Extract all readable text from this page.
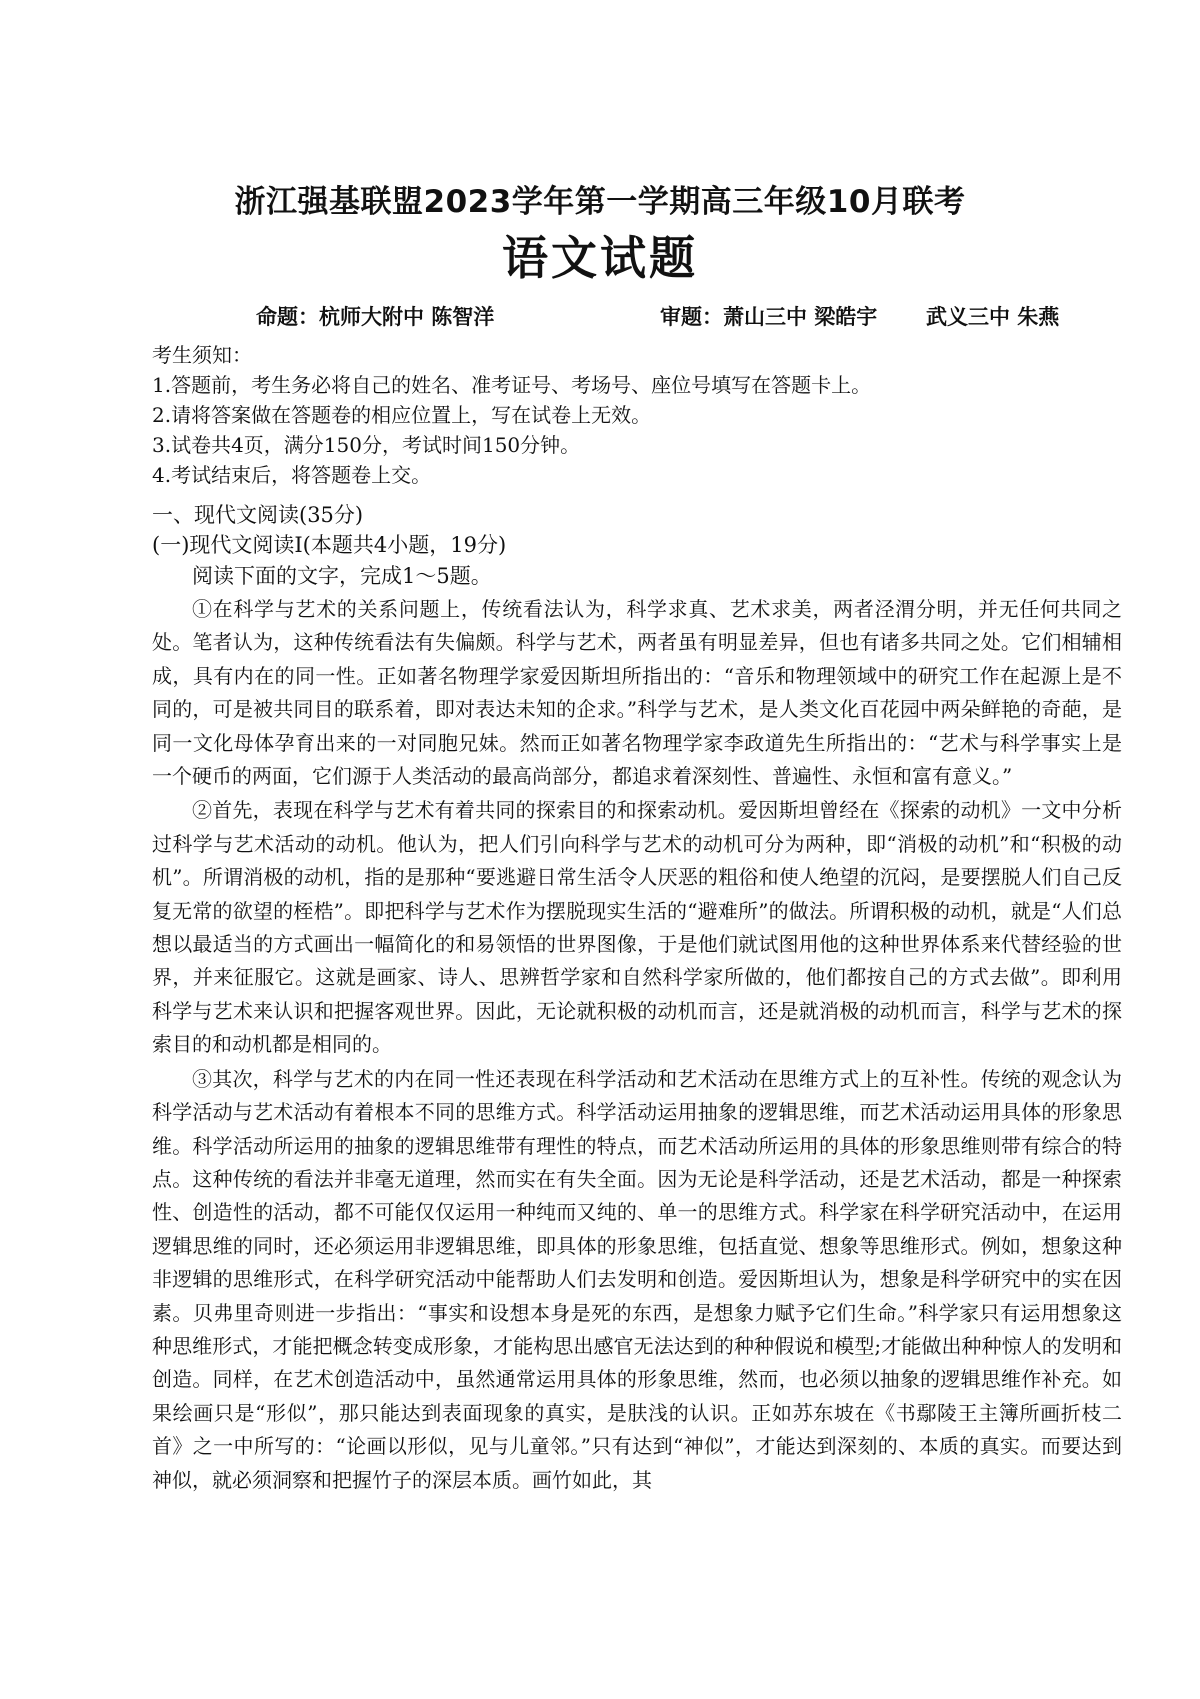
浙江强基联盟2023学年第一学期高三年级10月联考
语文试题
命题：杭师大附中 陈智洋	审题：萧山三中 梁皓宇 武义三中 朱燕
考生须知：
1.答题前，考生务必将自己的姓名、准考证号、考场号、座位号填写在答题卡上。
2.请将答案做在答题卷的相应位置上，写在试卷上无效。
3.试卷共4页，满分150分，考试时间150分钟。
4.考试结束后，将答题卷上交。
一、现代文阅读(35分)
(一)现代文阅读Ⅰ(本题共4小题，19分)
阅读下面的文字，完成1～5题。

①在科学与艺术的关系问题上，传统看法认为，科学求真、艺术求美，两者泾渭分明，并无任何共同之处。笔者认为，这种传统看法有失偏颇。科学与艺术，两者虽有明显差异，但也有诸多共同之处。它们相辅相成，具有内在的同一性。正如著名物理学家爱因斯坦所指出的：“音乐和物理领域中的研究工作在起源上是不同的，可是被共同目的联系着，即对表达未知的企求。”科学与艺术，是人类文化百花园中两朵鲜艳的奇葩，是同一文化母体孕育出来的一对同胞兄妹。然而正如著名物理学家李政道先生所指出的：“艺术与科学事实上是一个硬币的两面，它们源于人类活动的最高尚部分，都追求着深刻性、普遍性、永恒和富有意义。”

②首先，表现在科学与艺术有着共同的探索目的和探索动机。爱因斯坦曾经在《探索的动机》一文中分析过科学与艺术活动的动机。他认为，把人们引向科学与艺术的动机可分为两种，即“消极的动机”和“积极的动机”。所谓消极的动机，指的是那种“要逃避日常生活令人厌恶的粗俗和使人绝望的沉闷，是要摆脱人们自己反复无常的欲望的桎梏”。即把科学与艺术作为摆脱现实生活的“避难所”的做法。所谓积极的动机，就是“人们总想以最适当的方式画出一幅简化的和易领悟的世界图像，于是他们就试图用他的这种世界体系来代替经验的世界，并来征服它。这就是画家、诗人、思辨哲学家和自然科学家所做的，他们都按自己的方式去做”。即利用科学与艺术来认识和把握客观世界。因此，无论就积极的动机而言，还是就消极的动机而言，科学与艺术的探索目的和动机都是相同的。

③其次，科学与艺术的内在同一性还表现在科学活动和艺术活动在思维方式上的互补性。传统的观念认为科学活动与艺术活动有着根本不同的思维方式。科学活动运用抽象的逻辑思维，而艺术活动运用具体的形象思维。科学活动所运用的抽象的逻辑思维带有理性的特点，而艺术活动所运用的具体的形象思维则带有综合的特点。这种传统的看法并非毫无道理，然而实在有失全面。因为无论是科学活动，还是艺术活动，都是一种探索性、创造性的活动，都不可能仅仅运用一种纯而又纯的、单一的思维方式。科学家在科学研究活动中，在运用逻辑思维的同时，还必须运用非逻辑思维，即具体的形象思维，包括直觉、想象等思维形式。例如，想象这种非逻辑的思维形式，在科学研究活动中能帮助人们去发明和创造。爱因斯坦认为，想象是科学研究中的实在因素。贝弗里奇则进一步指出：“事实和设想本身是死的东西，是想象力赋予它们生命。”科学家只有运用想象这种思维形式，才能把概念转变成形象，才能构思出感官无法达到的种种假说和模型;才能做出种种惊人的发明和创造。同样，在艺术创造活动中，虽然通常运用具体的形象思维，然而，也必须以抽象的逻辑思维作补充。如果绘画只是“形似”，那只能达到表面现象的真实，是肤浅的认识。正如苏东坡在《书鄢陵王主簿所画折枝二首》之一中所写的：“论画以形似，见与儿童邻。”只有达到“神似”，才能达到深刻的、本质的真实。而要达到神似，就必须洞察和把握竹子的深层本质。画竹如此，其
